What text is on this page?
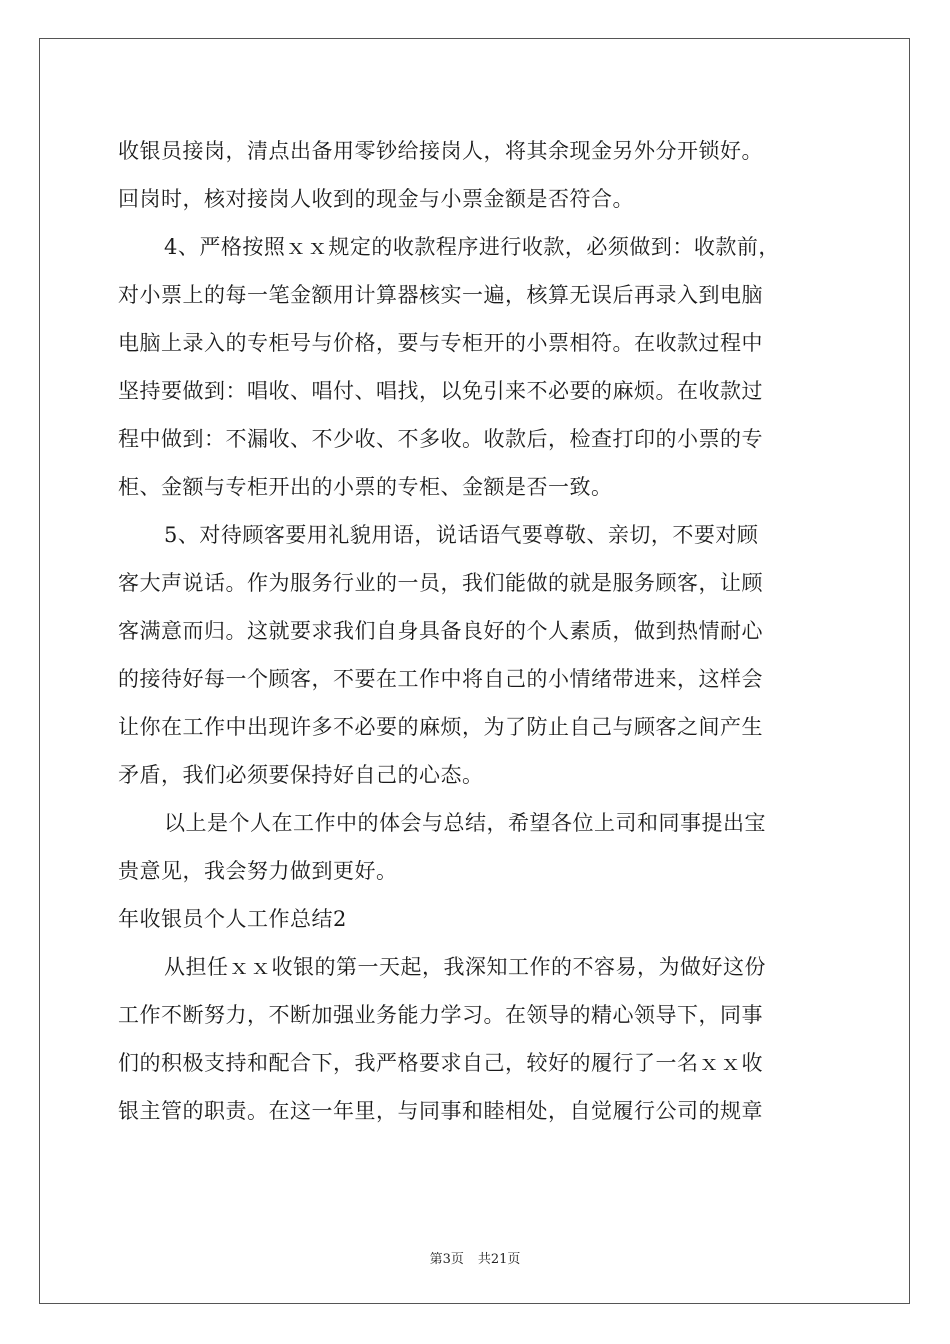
收银员接岗，清点出备用零钞给接岗人，将其余现金另外分开锁好。
回岗时，核对接岗人收到的现金与小票金额是否符合。
4、严格按照ｘｘ规定的收款程序进行收款，必须做到：收款前，
对小票上的每一笔金额用计算器核实一遍，核算无误后再录入到电脑
电脑上录入的专柜号与价格，要与专柜开的小票相符。在收款过程中
坚持要做到：唱收、唱付、唱找，以免引来不必要的麻烦。在收款过
程中做到：不漏收、不少收、不多收。收款后，检查打印的小票的专
柜、金额与专柜开出的小票的专柜、金额是否一致。
5、对待顾客要用礼貌用语，说话语气要尊敬、亲切，不要对顾
客大声说话。作为服务行业的一员，我们能做的就是服务顾客，让顾
客满意而归。这就要求我们自身具备良好的个人素质，做到热情耐心
的接待好每一个顾客，不要在工作中将自己的小情绪带进来，这样会
让你在工作中出现许多不必要的麻烦，为了防止自己与顾客之间产生
矛盾，我们必须要保持好自己的心态。
以上是个人在工作中的体会与总结，希望各位上司和同事提出宝
贵意见，我会努力做到更好。
年收银员个人工作总结2
从担任ｘｘ收银的第一天起，我深知工作的不容易，为做好这份
工作不断努力，不断加强业务能力学习。在领导的精心领导下，同事
们的积极支持和配合下，我严格要求自己，较好的履行了一名ｘｘ收
银主管的职责。在这一年里，与同事和睦相处，自觉履行公司的规章
第3页 共21页
